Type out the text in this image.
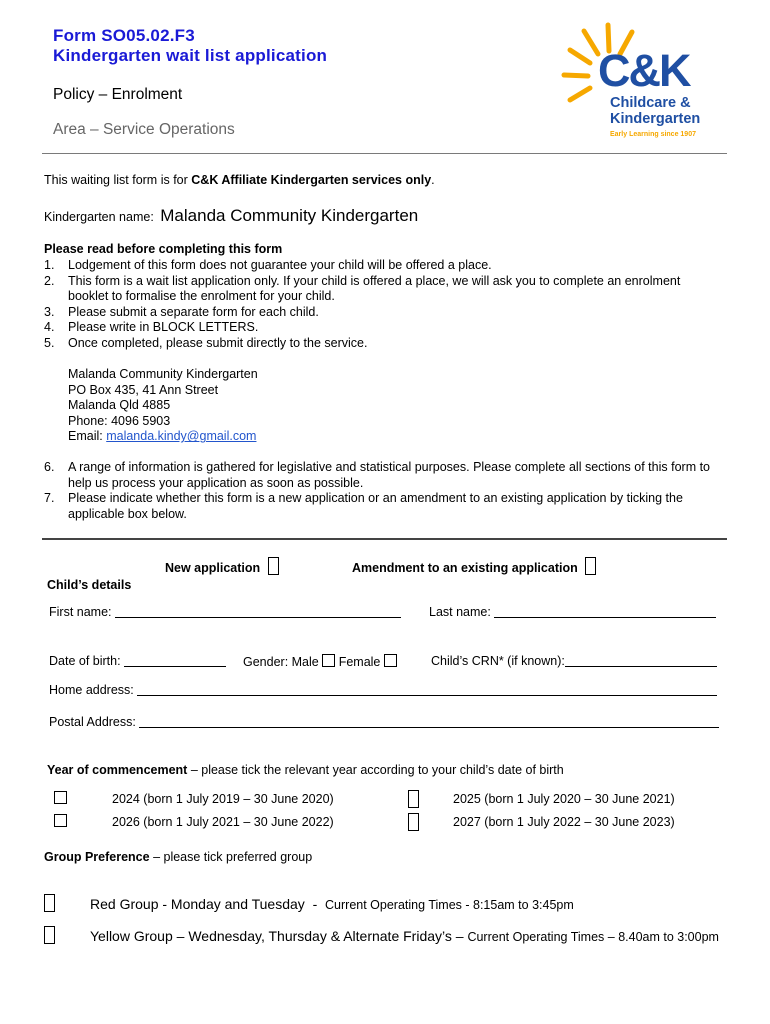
Form SO05.02.F3
Kindergarten wait list application
Policy – Enrolment
Area – Service Operations
C&K
Childcare &
Kindergarten
Early Learning since 1907
This waiting list form is for C&K Affiliate Kindergarten services only.
Kindergarten name: Malanda Community Kindergarten
Please read before completing this form
1. Lodgement of this form does not guarantee your child will be offered a place.
2. This form is a wait list application only. If your child is offered a place, we will ask you to complete an enrolment booklet to formalise the enrolment for your child.
3. Please submit a separate form for each child.
4. Please write in BLOCK LETTERS.
5. Once completed, please submit directly to the service.
Malanda Community Kindergarten
PO Box 435, 41 Ann Street
Malanda Qld 4885
Phone: 4096 5903
Email: malanda.kindy@gmail.com
6. A range of information is gathered for legislative and statistical purposes. Please complete all sections of this form to help us process your application as soon as possible.
7. Please indicate whether this form is a new application or an amendment to an existing application by ticking the applicable box below.
New application	Amendment to an existing application
Child’s details
First name:	Last name:
Date of birth:	Gender: Male Female	Child’s CRN* (if known):
Home address:
Postal Address:
Year of commencement – please tick the relevant year according to your child’s date of birth
2024 (born 1 July 2019 – 30 June 2020)	2025 (born 1 July 2020 – 30 June 2021)
2026 (born 1 July 2021 – 30 June 2022)	2027 (born 1 July 2022 – 30 June 2023)
Group Preference – please tick preferred group
Red Group - Monday and Tuesday  -  Current Operating Times - 8:15am to 3:45pm
Yellow Group – Wednesday, Thursday & Alternate Friday’s – Current Operating Times – 8.40am to 3:00pm
